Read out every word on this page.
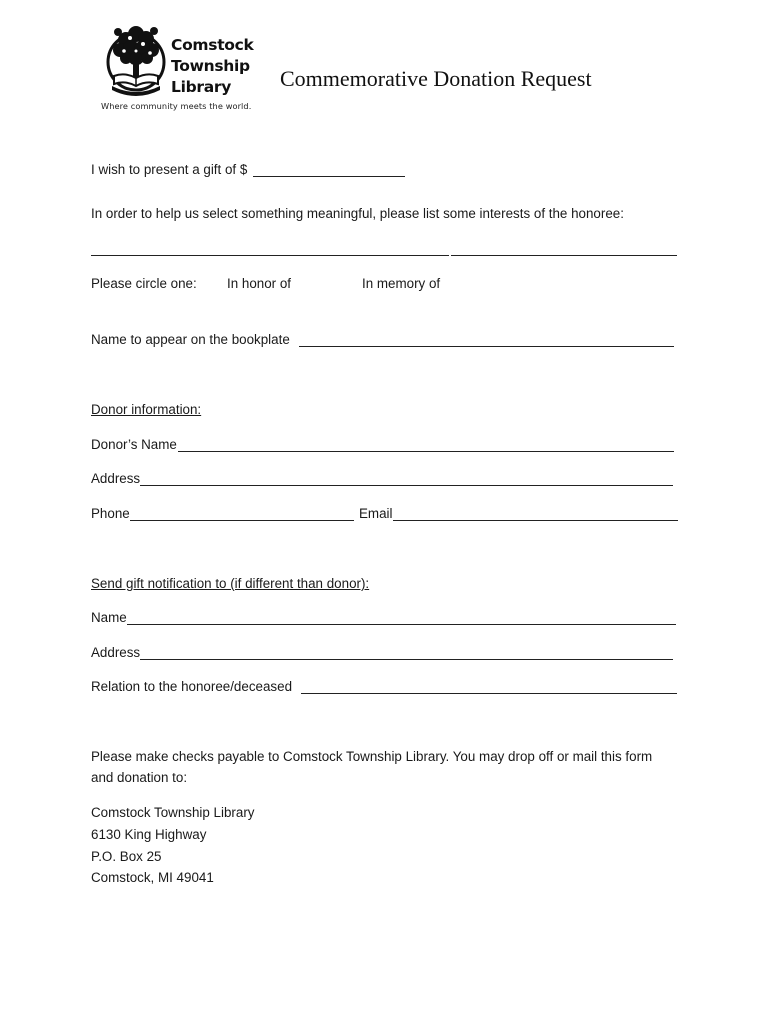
Comstock
Township
Library
Where community meets the world.
Commemorative Donation Request
I wish to present a gift of $
In order to help us select something meaningful, please list some interests of the honoree:
Please circle one: In honor of	In memory of
Name to appear on the bookplate
Donor information:
Donor’s Name
Address
Phone	Email
Send gift notification to (if different than donor):
Name
Address
Relation to the honoree/deceased
Please make checks payable to Comstock Township Library. You may drop off or mail this form
and donation to:
Comstock Township Library
6130 King Highway
P.O. Box 25
Comstock, MI 49041
